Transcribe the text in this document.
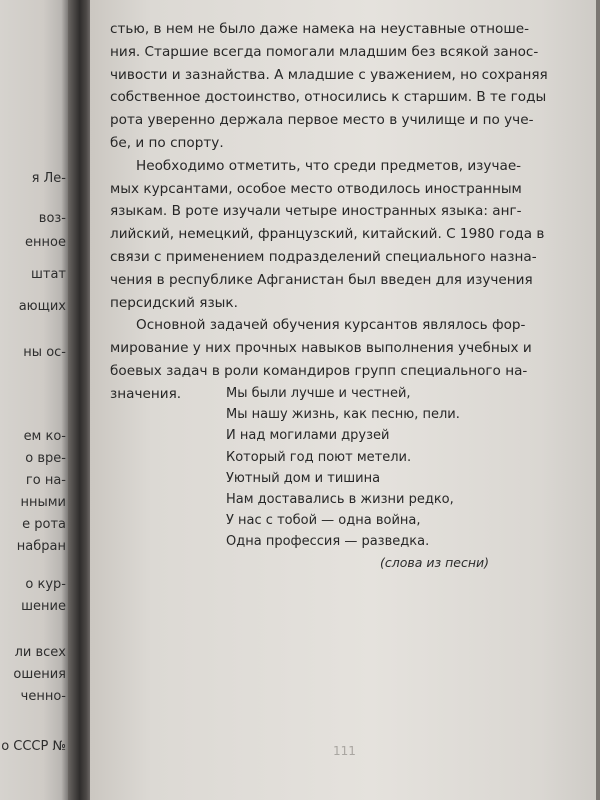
я Ле-
воз-
енное
штат
ающих
ны ос-
ем ко-
о вре-
го на-
нными
е рота
набран
о кур-
шение
ли всех
ошения
ченно-
о СССР №

стью, в нем не было даже намека на неуставные отноше-
ния. Старшие всегда помогали младшим без всякой занос-
чивости и зазнайства. А младшие с уважением, но сохраняя
собственное достоинство, относились к старшим. В те годы
рота уверенно держала первое место в училище и по уче-
бе, и по спорту.

Необходимо отметить, что среди предметов, изучае-
мых курсантами, особое место отводилось иностранным
языкам. В роте изучали четыре иностранных языка: анг-
лийский, немецкий, французский, китайский. С 1980 года в
связи с применением подразделений специального назна-
чения в республике Афганистан был введен для изучения
персидский язык.

Основной задачей обучения курсантов являлось фор-
мирование у них прочных навыков выполнения учебных и
боевых задач в роли командиров групп специального на-
значения.	Мы были лучше и честней,
Мы нашу жизнь, как песню, пели.
И над могилами друзей
Который год поют метели.
Уютный дом и тишина
Нам доставались в жизни редко,
У нас с тобой — одна война,
Одна профессия — разведка.
(слова из песни)
111
